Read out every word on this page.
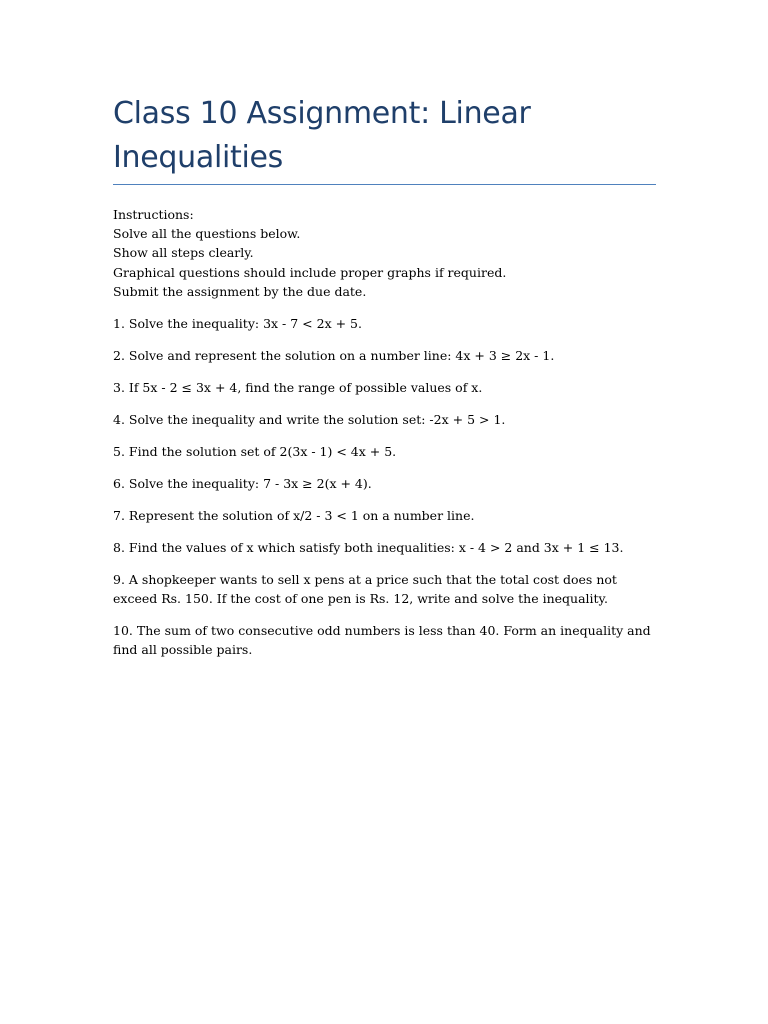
Class 10 Assignment: Linear Inequalities
Instructions:
Solve all the questions below.
Show all steps clearly.
Graphical questions should include proper graphs if required.
Submit the assignment by the due date.

1. Solve the inequality: 3x - 7 < 2x + 5.

2. Solve and represent the solution on a number line: 4x + 3 ≥ 2x - 1.

3. If 5x - 2 ≤ 3x + 4, find the range of possible values of x.

4. Solve the inequality and write the solution set: -2x + 5 > 1.

5. Find the solution set of 2(3x - 1) < 4x + 5.

6. Solve the inequality: 7 - 3x ≥ 2(x + 4).

7. Represent the solution of x/2 - 3 < 1 on a number line.

8. Find the values of x which satisfy both inequalities: x - 4 > 2 and 3x + 1 ≤ 13.

9. A shopkeeper wants to sell x pens at a price such that the total cost does not exceed Rs. 150. If the cost of one pen is Rs. 12, write and solve the inequality.

10. The sum of two consecutive odd numbers is less than 40. Form an inequality and find all possible pairs.
